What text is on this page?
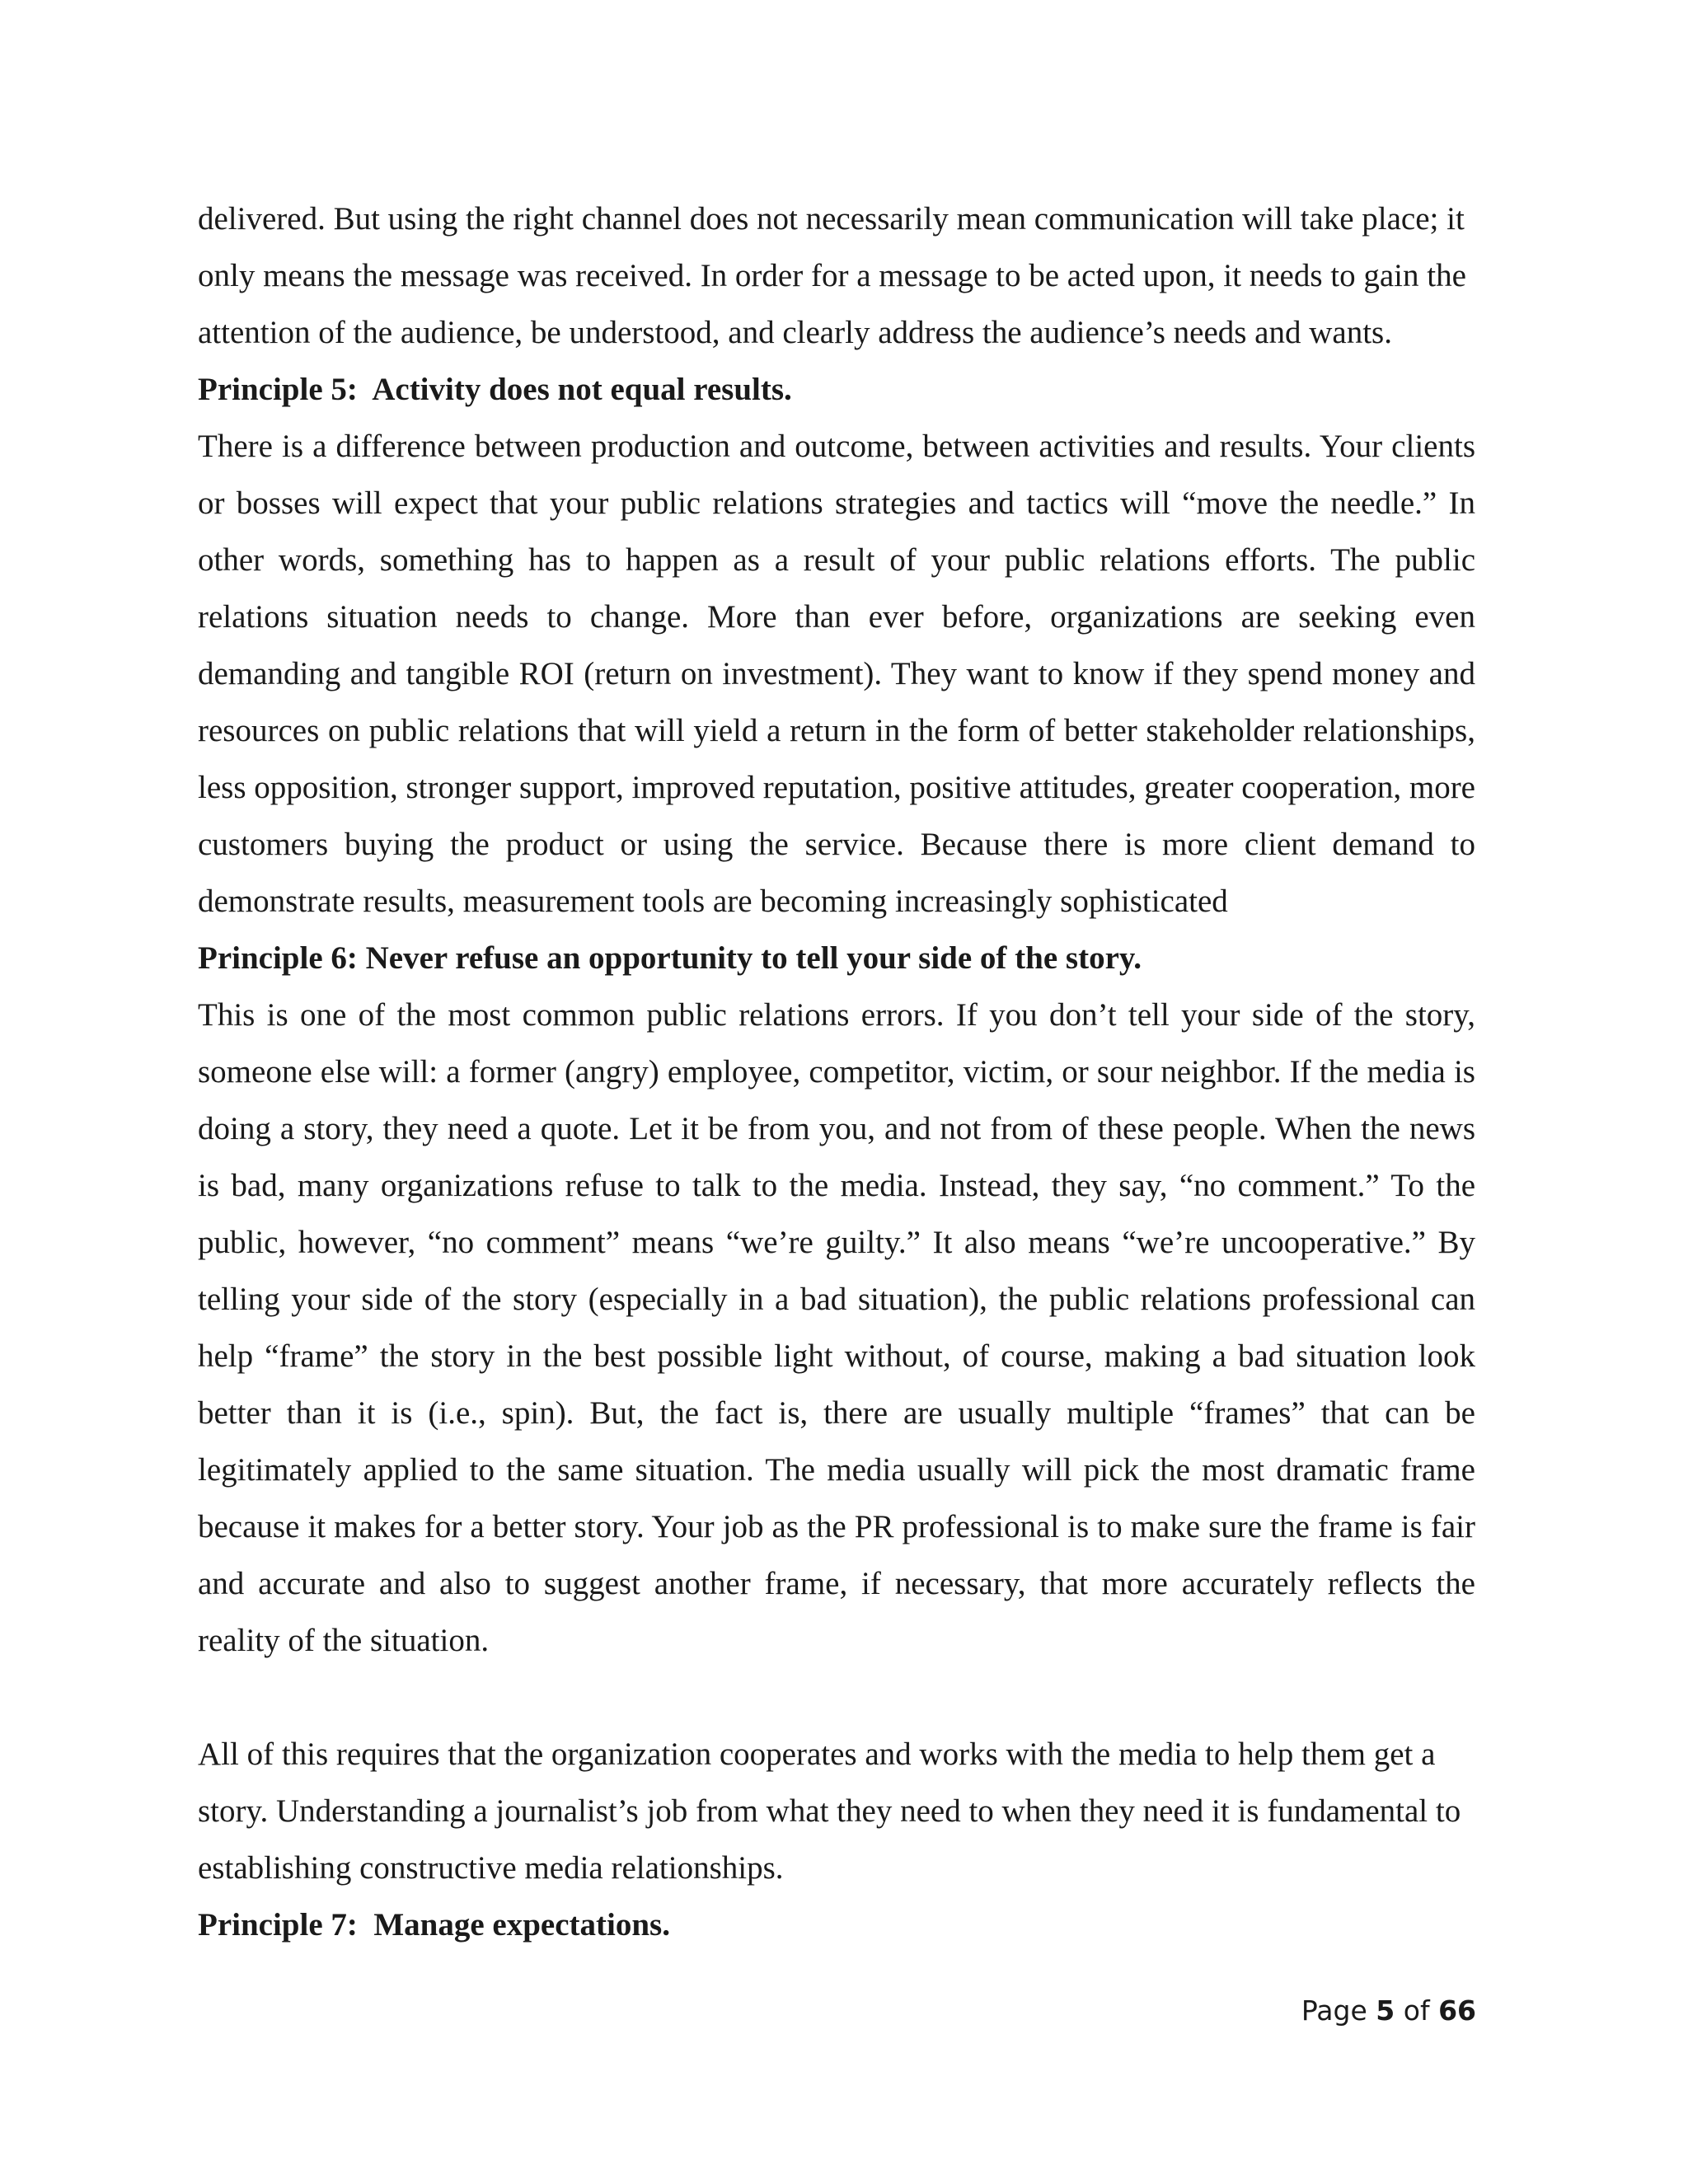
delivered. But using the right channel does not necessarily mean communication will take place; it only means the message was received. In order for a message to be acted upon, it needs to gain the attention of the audience, be understood, and clearly address the audience’s needs and wants.

Principle 5:  Activity does not equal results.

There is a difference between production and outcome, between activities and results. Your clients or bosses will expect that your public relations strategies and tactics will “move the needle.” In other words, something has to happen as a result of your public relations efforts. The public relations situation needs to change. More than ever before, organizations are seeking even demanding and tangible ROI (return on investment). They want to know if they spend money and resources on public relations that will yield a return in the form of better stakeholder relationships, less opposition, stronger support, improved reputation, positive attitudes, greater cooperation, more customers buying the product or using the service. Because there is more client demand to demonstrate results, measurement tools are becoming increasingly sophisticated

Principle 6: Never refuse an opportunity to tell your side of the story.

This is one of the most common public relations errors. If you don’t tell your side of the story, someone else will: a former (angry) employee, competitor, victim, or sour neighbor. If the media is doing a story, they need a quote. Let it be from you, and not from of these people. When the news is bad, many organizations refuse to talk to the media. Instead, they say, “no comment.” To the public, however, “no comment” means “we’re guilty.” It also means “we’re uncooperative.” By telling your side of the story (especially in a bad situation), the public relations professional can help “frame” the story in the best possible light without, of course, making a bad situation look better than it is (i.e., spin). But, the fact is, there are usually multiple “frames” that can be legitimately applied to the same situation. The media usually will pick the most dramatic frame because it makes for a better story. Your job as the PR professional is to make sure the frame is fair and accurate and also to suggest another frame, if necessary, that more accurately reflects the reality of the situation.

All of this requires that the organization cooperates and works with the media to help them get a story. Understanding a journalist’s job from what they need to when they need it is fundamental to establishing constructive media relationships.

Principle 7:  Manage expectations.

Page 5 of 66
